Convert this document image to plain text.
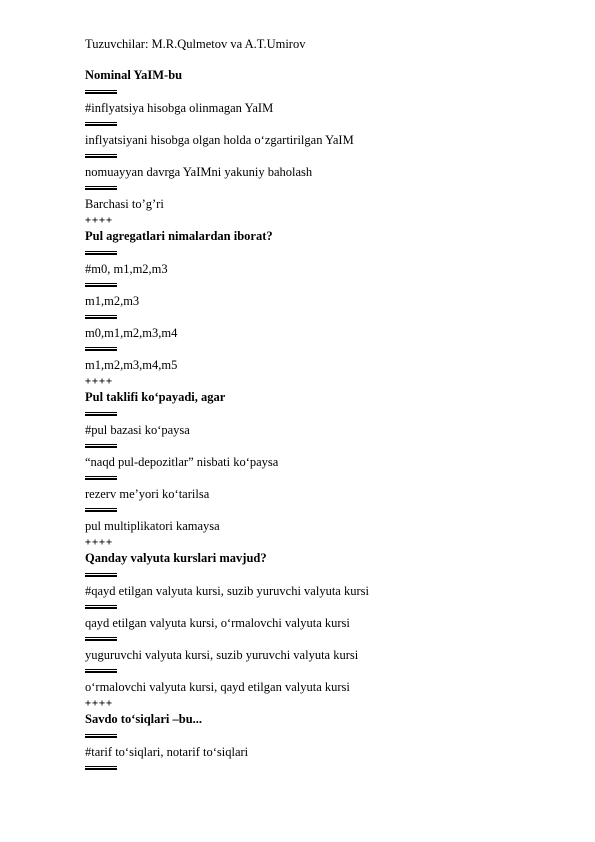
Tuzuvchilar: M.R.Qulmetov va A.T.Umirov
Nominal YaIM-bu
#inflyatsiya hisobga olinmagan YaIM
inflyatsiyani hisobga olgan holda o‘zgartirilgan YaIM
nomuayyan davrga YaIMni yakuniy baholash
Barchasi to’g’ri
++++
Pul agregatlari nimalardan iborat?
#m0, m1,m2,m3
m1,m2,m3
m0,m1,m2,m3,m4
m1,m2,m3,m4,m5
++++
Pul taklifi ko‘payadi, agar
#pul bazasi ko‘paysa
“naqd pul-depozitlar” nisbati ko‘paysa
rezerv me’yori ko‘tarilsa
pul multiplikatori kamaysa
++++
Qanday valyuta kurslari mavjud?
#qayd etilgan valyuta kursi, suzib yuruvchi valyuta kursi
qayd etilgan valyuta kursi, o‘rmalovchi valyuta kursi
yuguruvchi valyuta kursi, suzib yuruvchi valyuta kursi
o‘rmalovchi valyuta kursi, qayd etilgan valyuta kursi
++++
Savdo to‘siqlari –bu...
#tarif to‘siqlari, notarif to‘siqlari
